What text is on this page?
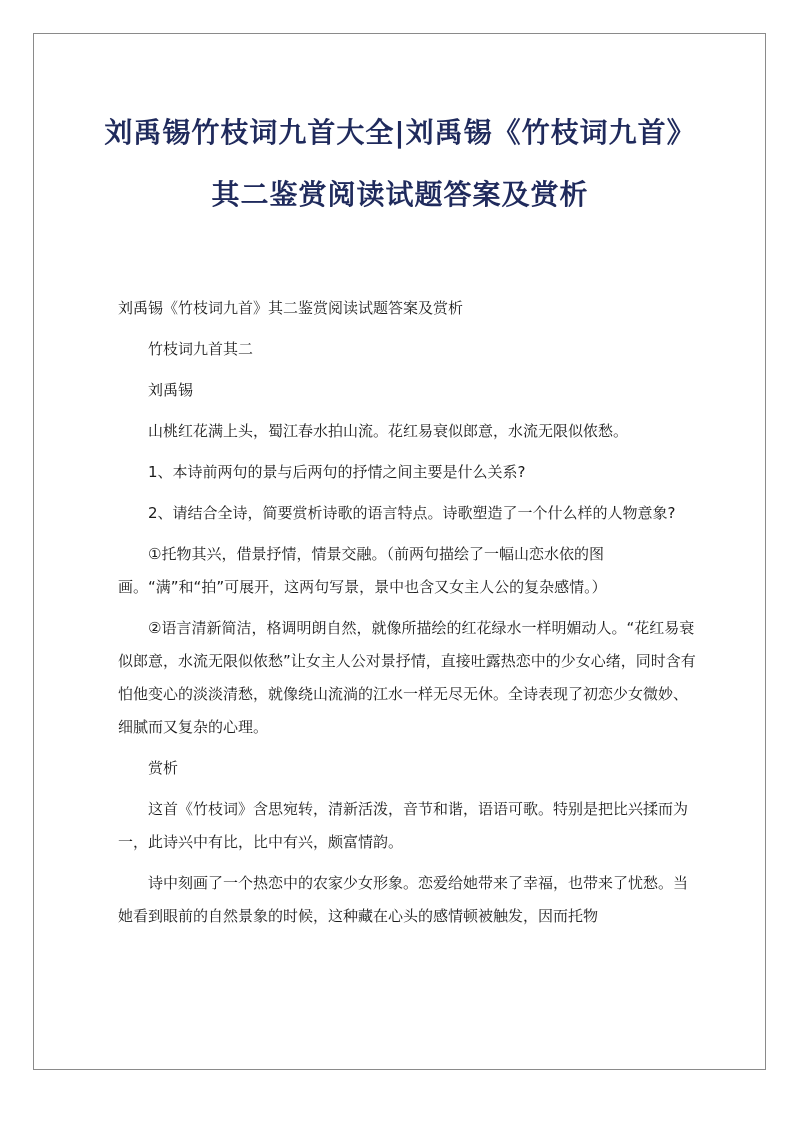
刘禹锡竹枝词九首大全|刘禹锡《竹枝词九首》其二鉴赏阅读试题答案及赏析

刘禹锡《竹枝词九首》其二鉴赏阅读试题答案及赏析

竹枝词九首其二

刘禹锡

山桃红花满上头，蜀江春水拍山流。花红易衰似郎意，水流无限似侬愁。

1、本诗前两句的景与后两句的抒情之间主要是什么关系?

2、请结合全诗，简要赏析诗歌的语言特点。诗歌塑造了一个什么样的人物意象?

①托物其兴，借景抒情，情景交融。（前两句描绘了一幅山恋水依的图画。“满”和“拍”可展开，这两句写景，景中也含又女主人公的复杂感情。）

②语言清新简洁，格调明朗自然，就像所描绘的红花绿水一样明媚动人。“花红易衰似郎意，水流无限似侬愁”让女主人公对景抒情，直接吐露热恋中的少女心绪，同时含有怕他变心的淡淡清愁，就像绕山流淌的江水一样无尽无休。全诗表现了初恋少女微妙、细腻而又复杂的心理。

赏析

这首《竹枝词》含思宛转，清新活泼，音节和谐，语语可歌。特别是把比兴揉而为一，此诗兴中有比，比中有兴，颇富情韵。

诗中刻画了一个热恋中的农家少女形象。恋爱给她带来了幸福，也带来了忧愁。当她看到眼前的自然景象的时候，这种藏在心头的感情顿被触发，因而托物
